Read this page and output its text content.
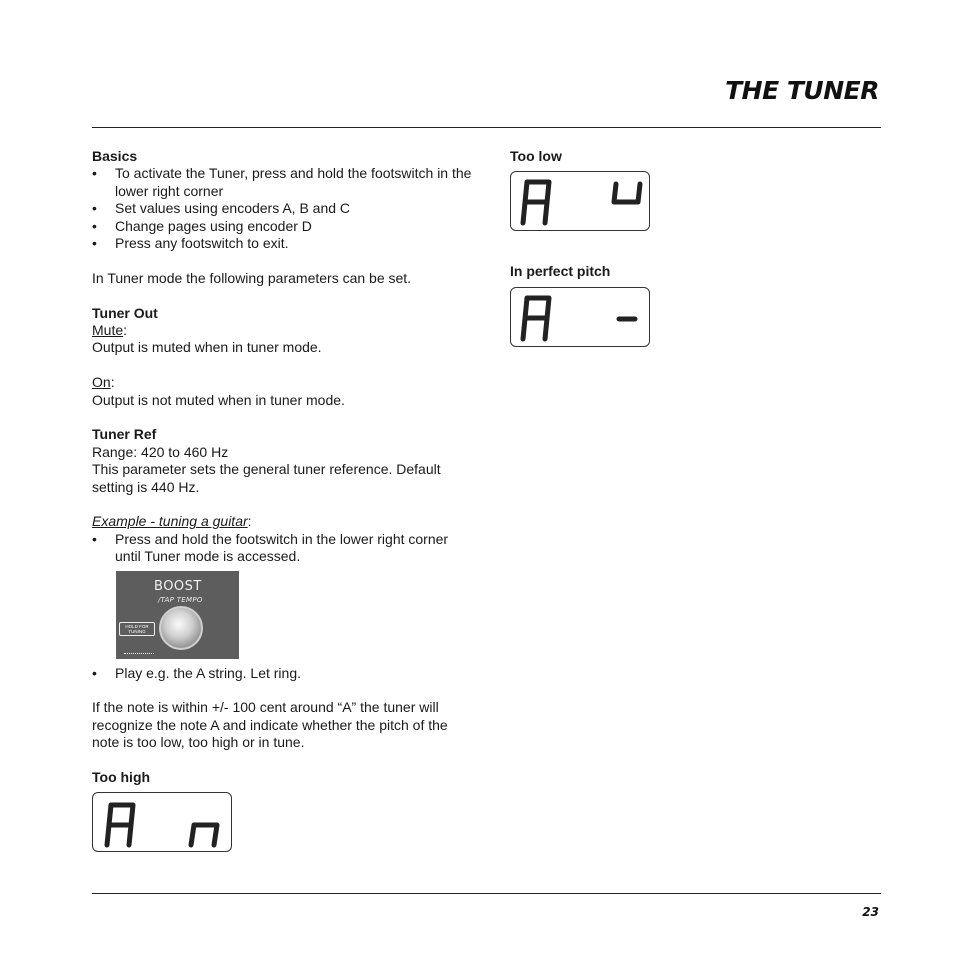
THE TUNER
Basics
• To activate the Tuner, press and hold the footswitch in the lower right corner
• Set values using encoders A, B and C
• Change pages using encoder D
• Press any footswitch to exit.
In Tuner mode the following parameters can be set.
Tuner Out
Mute:
Output is muted when in tuner mode.
On:
Output is not muted when in tuner mode.
Tuner Ref
Range: 420 to 460 Hz
This parameter sets the general tuner reference. Default setting is 440 Hz.
Example - tuning a guitar:
• Press and hold the footswitch in the lower right corner until Tuner mode is accessed.
BOOST
/TAP TEMPO
HOLD FOR
TUNING
• Play e.g. the A string. Let ring.
If the note is within +/- 100 cent around “A” the tuner will recognize the note A and indicate whether the pitch of the note is too low, too high or in tune.
Too high
Too low
In perfect pitch
23
